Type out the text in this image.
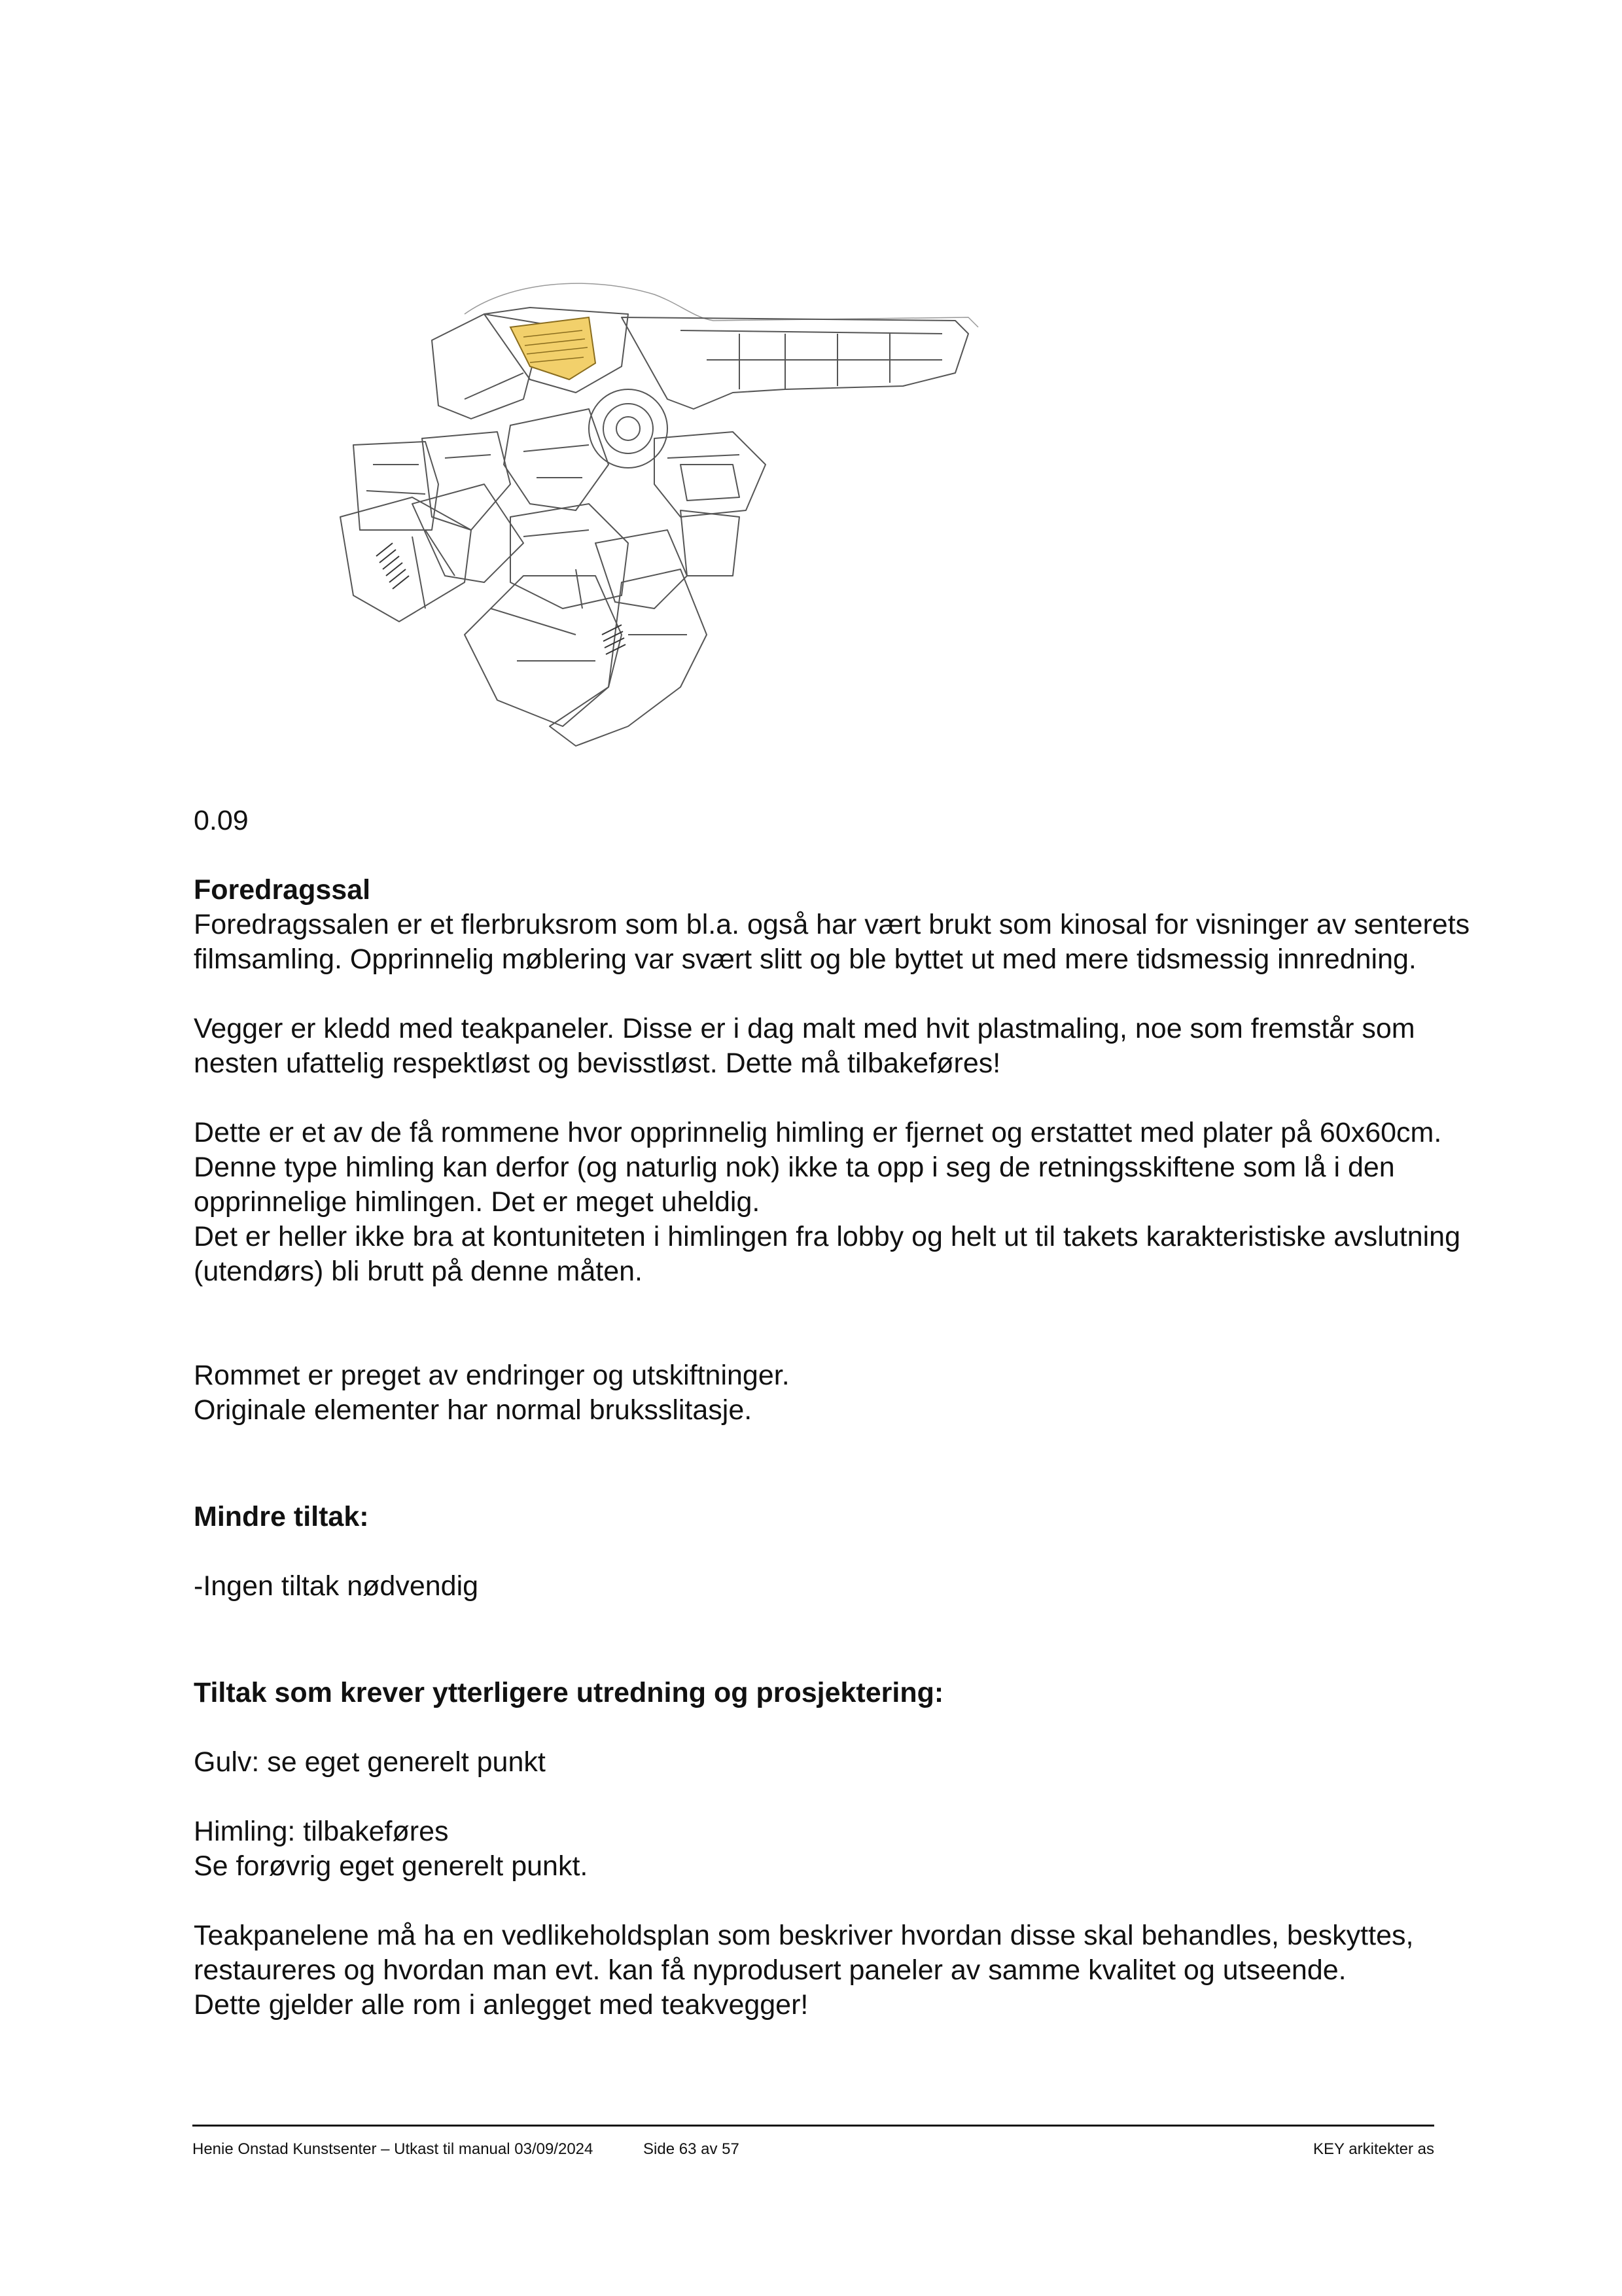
0.09

Foredragssal

Foredragssalen er et flerbruksrom som bl.a. også har vært brukt som kinosal for visninger av senterets filmsamling. Opprinnelig møblering var svært slitt og ble byttet ut med mere tidsmessig innredning.

Vegger er kledd med teakpaneler. Disse er i dag malt med hvit plastmaling, noe som fremstår som nesten ufattelig respektløst og bevisstløst. Dette må tilbakeføres!

Dette er et av de få rommene hvor opprinnelig himling er fjernet og erstattet med plater på 60x60cm. Denne type himling kan derfor (og naturlig nok) ikke ta opp i seg de retningsskiftene som lå i den opprinnelige himlingen. Det er meget uheldig.

Det er heller ikke bra at kontuniteten i himlingen fra lobby og helt ut til takets karakteristiske avslutning (utendørs) bli brutt på denne måten.

Rommet er preget av endringer og utskiftninger.

Originale elementer har normal bruksslitasje.

Mindre tiltak:

-Ingen tiltak nødvendig

Tiltak som krever ytterligere utredning og prosjektering:

Gulv: se eget generelt punkt

Himling: tilbakeføres

Se forøvrig eget generelt punkt.

Teakpanelene må ha en vedlikeholdsplan som beskriver hvordan disse skal behandles, beskyttes, restaureres og hvordan man evt. kan få nyprodusert paneler av samme kvalitet og utseende.

Dette gjelder alle rom i anlegget med teakvegger!

Henie Onstad Kunstsenter – Utkast til manual 03/09/2024	Side 63 av 57	KEY arkitekter as
